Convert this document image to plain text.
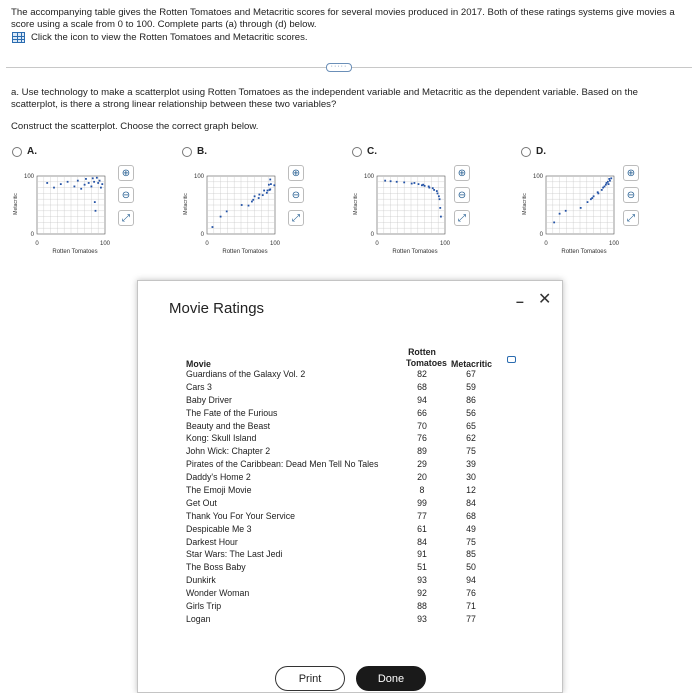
The accompanying table gives the Rotten Tomatoes and Metacritic scores for several movies produced in 2017. Both of these ratings systems give movies a score using a scale from 0 to 100. Complete parts (a) through (d) below.
Click the icon to view the Rotten Tomatoes and Metacritic scores.
·····
a. Use technology to make a scatterplot using Rotten Tomatoes as the independent variable and Metacritic as the dependent variable. Based on the scatterplot, is there a strong linear relationship between these two variables?
Construct the scatterplot. Choose the correct graph below.
A.
100
0
0	100
Metacritic
Rotten Tomatoes
⊕
⊖
⤢
B.
100
0
0	100
Metacritic
Rotten Tomatoes
⊕
⊖
⤢
C.
100
0
0	100
Metacritic
Rotten Tomatoes
⊕
⊖
⤢
D.
100
0
0	100
Metacritic
Rotten Tomatoes
⊕
⊖
⤢
Movie Ratings	– ✕
Movie
Rotten
Tomatoes Metacritic
Guardians of the Galaxy Vol. 2	82	67
Cars 3	68	59
Baby Driver	94	86
The Fate of the Furious	66	56
Beauty and the Beast	70	65
Kong: Skull Island	76	62
John Wick: Chapter 2	89	75
Pirates of the Caribbean: Dead Men Tell No Tales	29	39
Daddy's Home 2	20	30
The Emoji Movie	8	12
Get Out	99	84
Thank You For Your Service	77	68
Despicable Me 3	61	49
Darkest Hour	84	75
Star Wars: The Last Jedi	91	85
The Boss Baby	51	50
Dunkirk	93	94
Wonder Woman	92	76
Girls Trip	88	71
Logan	93	77
Print	Done
